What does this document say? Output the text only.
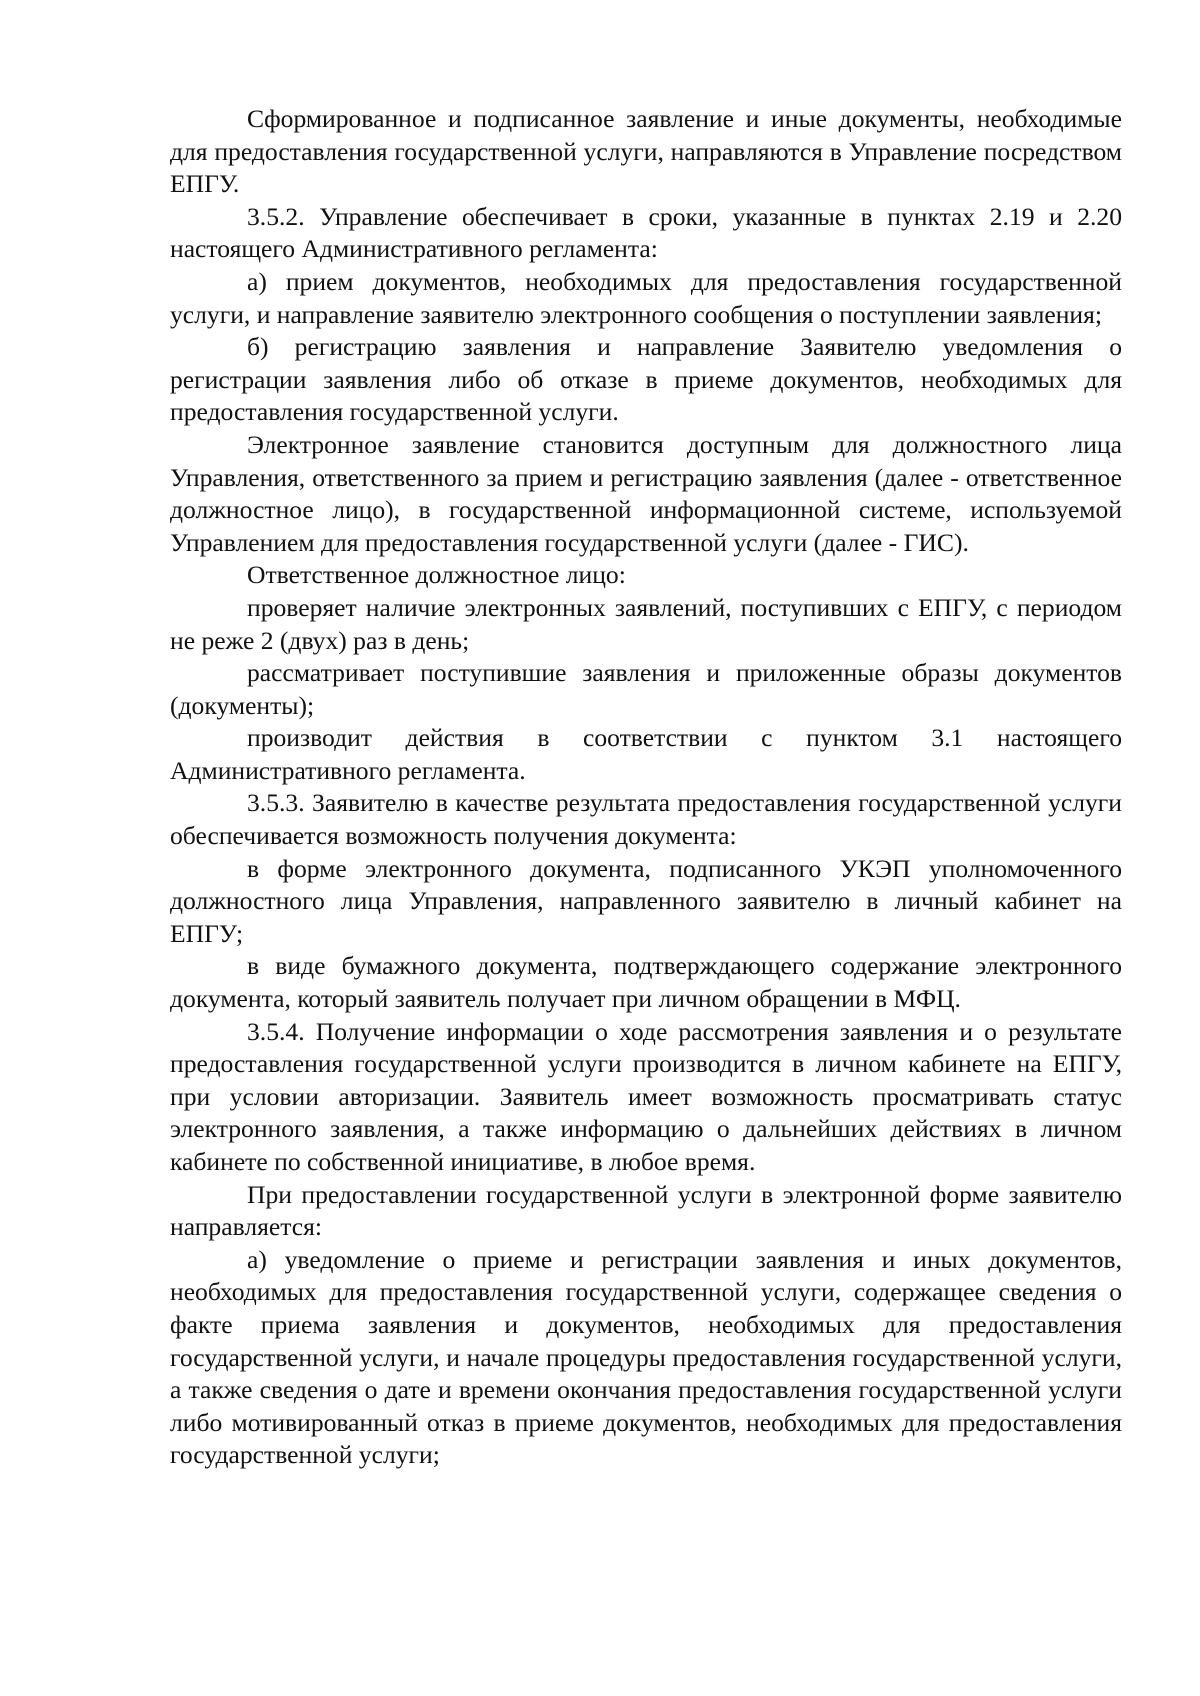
Сформированное и подписанное заявление и иные документы, необходимые для предоставления государственной услуги, направляются в Управление посредством ЕПГУ.

3.5.2. Управление обеспечивает в сроки, указанные в пунктах 2.19 и 2.20 настоящего Административного регламента:

а) прием документов, необходимых для предоставления государственной услуги, и направление заявителю электронного сообщения о поступлении заявления;

б) регистрацию заявления и направление Заявителю уведомления о регистрации заявления либо об отказе в приеме документов, необходимых для предоставления государственной услуги.

Электронное заявление становится доступным для должностного лица Управления, ответственного за прием и регистрацию заявления (далее - ответственное должностное лицо), в государственной информационной системе, используемой Управлением для предоставления государственной услуги (далее - ГИС).

Ответственное должностное лицо:

проверяет наличие электронных заявлений, поступивших с ЕПГУ, с периодом не реже 2 (двух) раз в день;

рассматривает поступившие заявления и приложенные образы документов (документы);

производит действия в соответствии с пунктом 3.1 настоящего Административного регламента.

3.5.3. Заявителю в качестве результата предоставления государственной услуги обеспечивается возможность получения документа:

в форме электронного документа, подписанного УКЭП уполномоченного должностного лица Управления, направленного заявителю в личный кабинет на ЕПГУ;

в виде бумажного документа, подтверждающего содержание электронного документа, который заявитель получает при личном обращении в МФЦ.

3.5.4. Получение информации о ходе рассмотрения заявления и о результате предоставления государственной услуги производится в личном кабинете на ЕПГУ, при условии авторизации. Заявитель имеет возможность просматривать статус электронного заявления, а также информацию о дальнейших действиях в личном кабинете по собственной инициативе, в любое время.

При предоставлении государственной услуги в электронной форме заявителю направляется:

а) уведомление о приеме и регистрации заявления и иных документов, необходимых для предоставления государственной услуги, содержащее сведения о факте приема заявления и документов, необходимых для предоставления государственной услуги, и начале процедуры предоставления государственной услуги, а также сведения о дате и времени окончания предоставления государственной услуги либо мотивированный отказ в приеме документов, необходимых для предоставления государственной услуги;
